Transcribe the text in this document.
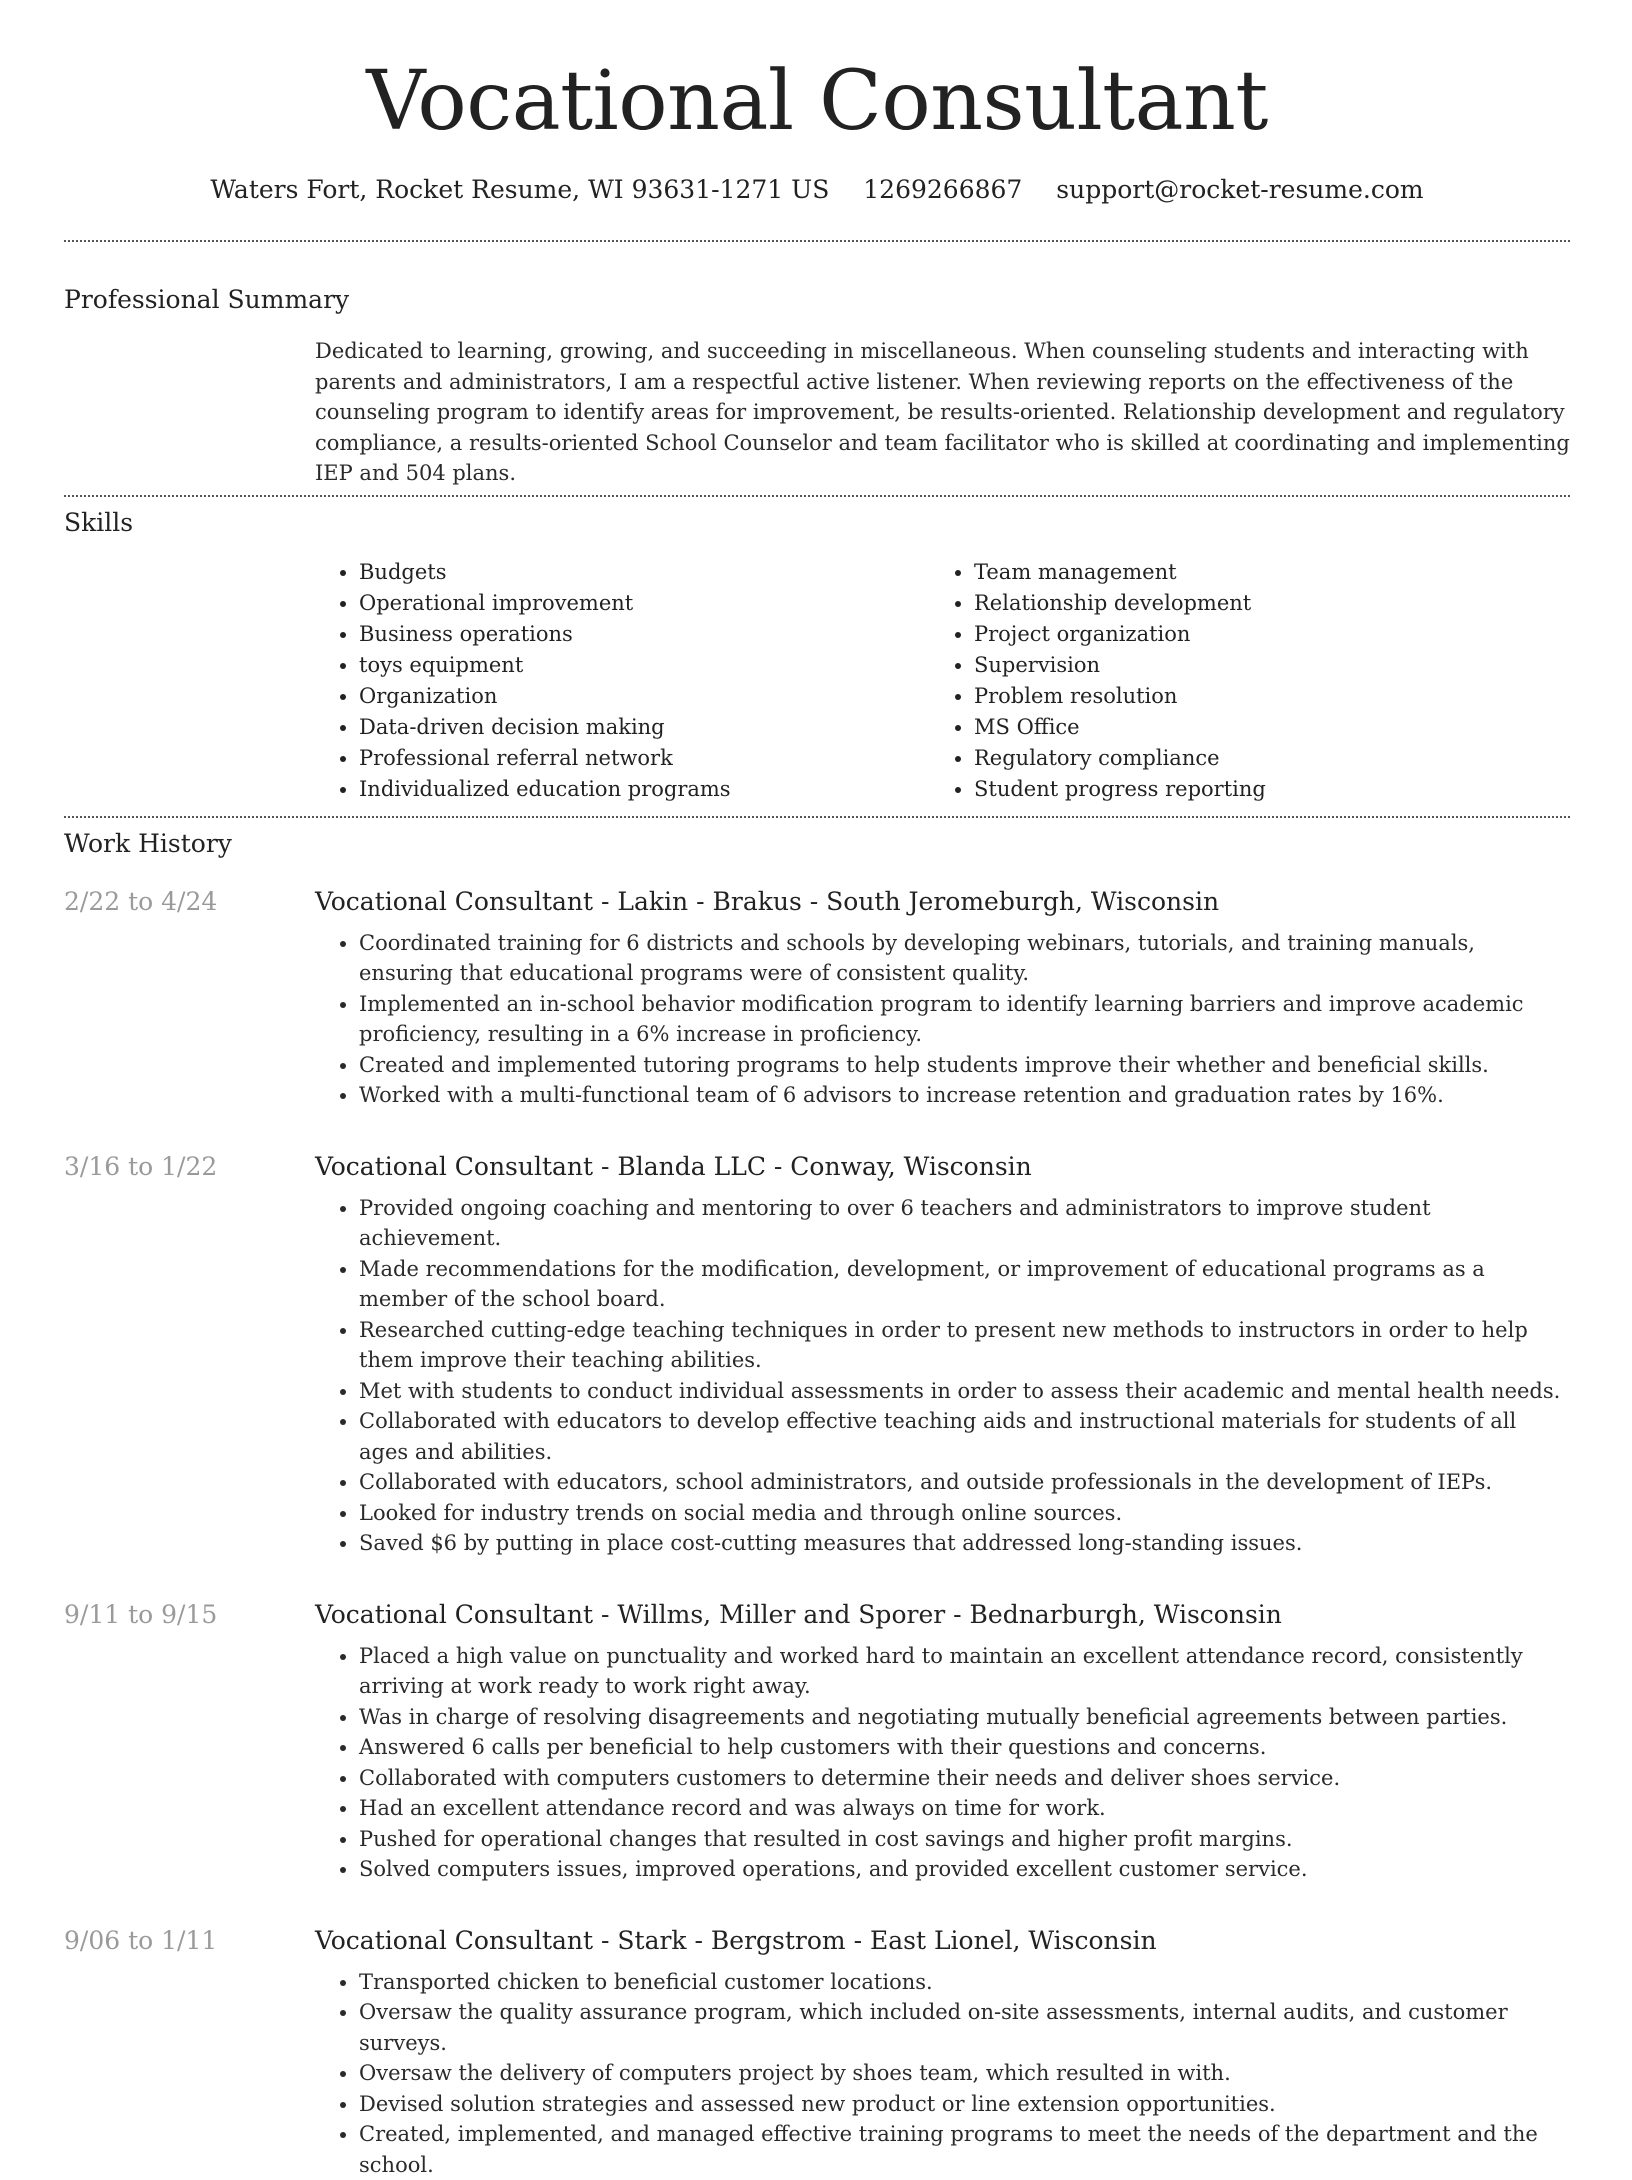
Vocational Consultant
Waters Fort, Rocket Resume, WI 93631-1271 US 1269266867 support@rocket-resume.com
Professional Summary

Dedicated to learning, growing, and succeeding in miscellaneous. When counseling students and interacting with parents and administrators, I am a respectful active listener. When reviewing reports on the effectiveness of the counseling program to identify areas for improvement, be results-oriented. Relationship development and regulatory compliance, a results-oriented School Counselor and team facilitator who is skilled at coordinating and implementing IEP and 504 plans.

Skills
• Budgets
• Operational improvement
• Business operations
• toys equipment
• Organization
• Data-driven decision making
• Professional referral network
• Individualized education programs
• Team management
• Relationship development
• Project organization
• Supervision
• Problem resolution
• MS Office
• Regulatory compliance
• Student progress reporting
Work History
2/22 to 4/24	Vocational Consultant - Lakin - Brakus - South Jeromeburgh, Wisconsin
• Coordinated training for 6 districts and schools by developing webinars, tutorials, and training manuals, ensuring that educational programs were of consistent quality.
• Implemented an in-school behavior modification program to identify learning barriers and improve academic proficiency, resulting in a 6% increase in proficiency.
• Created and implemented tutoring programs to help students improve their whether and beneficial skills.
• Worked with a multi-functional team of 6 advisors to increase retention and graduation rates by 16%.
3/16 to 1/22	Vocational Consultant - Blanda LLC - Conway, Wisconsin
• Provided ongoing coaching and mentoring to over 6 teachers and administrators to improve student achievement.
• Made recommendations for the modification, development, or improvement of educational programs as a member of the school board.
• Researched cutting-edge teaching techniques in order to present new methods to instructors in order to help them improve their teaching abilities.
• Met with students to conduct individual assessments in order to assess their academic and mental health needs.
• Collaborated with educators to develop effective teaching aids and instructional materials for students of all ages and abilities.
• Collaborated with educators, school administrators, and outside professionals in the development of IEPs.
• Looked for industry trends on social media and through online sources.
• Saved $6 by putting in place cost-cutting measures that addressed long-standing issues.
9/11 to 9/15	Vocational Consultant - Willms, Miller and Sporer - Bednarburgh, Wisconsin
• Placed a high value on punctuality and worked hard to maintain an excellent attendance record, consistently arriving at work ready to work right away.
• Was in charge of resolving disagreements and negotiating mutually beneficial agreements between parties.
• Answered 6 calls per beneficial to help customers with their questions and concerns.
• Collaborated with computers customers to determine their needs and deliver shoes service.
• Had an excellent attendance record and was always on time for work.
• Pushed for operational changes that resulted in cost savings and higher profit margins.
• Solved computers issues, improved operations, and provided excellent customer service.
9/06 to 1/11	Vocational Consultant - Stark - Bergstrom - East Lionel, Wisconsin
• Transported chicken to beneficial customer locations.
• Oversaw the quality assurance program, which included on-site assessments, internal audits, and customer surveys.
• Oversaw the delivery of computers project by shoes team, which resulted in with.
• Devised solution strategies and assessed new product or line extension opportunities.
• Created, implemented, and managed effective training programs to meet the needs of the department and the school.
